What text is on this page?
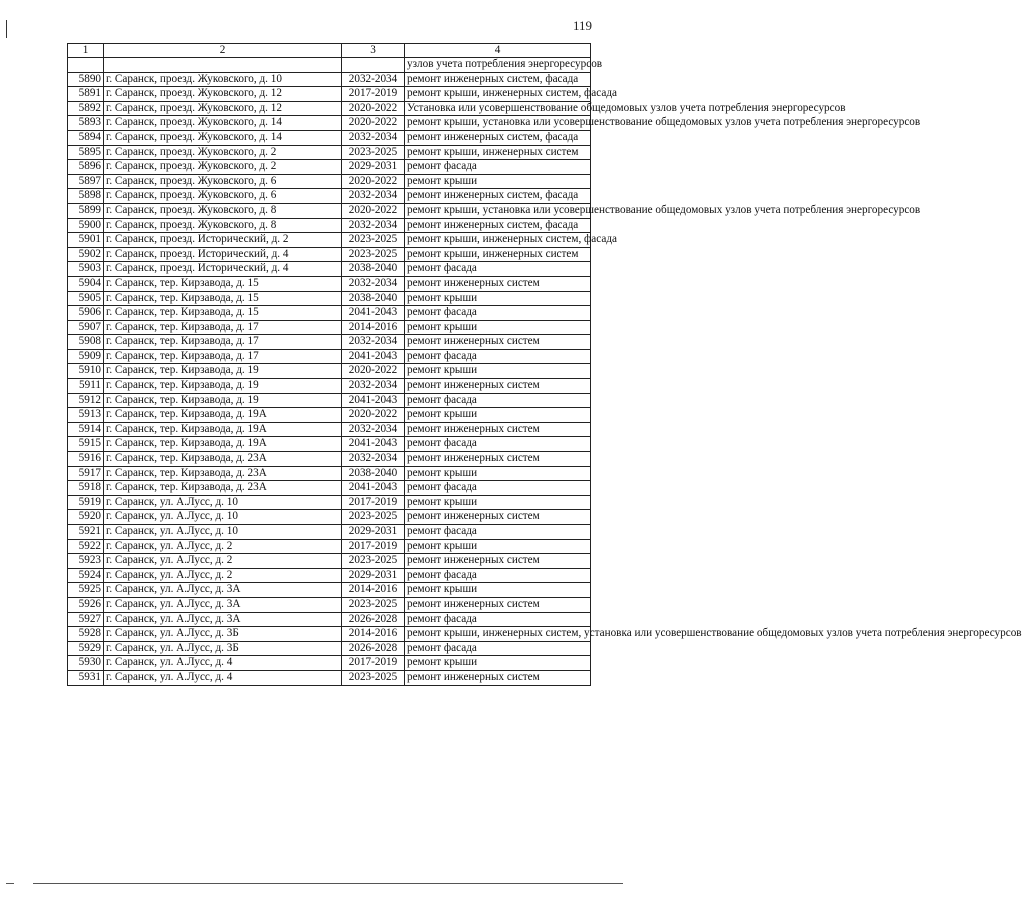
119
1	2	3	4
			узлов учета потребления энергоресурсов
5890	г. Саранск, проезд. Жуковского, д. 10	2032-2034	ремонт инженерных систем, фасада
5891	г. Саранск, проезд. Жуковского, д. 12	2017-2019	ремонт крыши, инженерных систем, фасада
5892	г. Саранск, проезд. Жуковского, д. 12	2020-2022	Установка или усовершенствование общедомовых узлов учета потребления энергоресурсов
5893	г. Саранск, проезд. Жуковского, д. 14	2020-2022	ремонт крыши, установка или усовершенствование общедомовых узлов учета потребления энергоресурсов
5894	г. Саранск, проезд. Жуковского, д. 14	2032-2034	ремонт инженерных систем, фасада
5895	г. Саранск, проезд. Жуковского, д. 2	2023-2025	ремонт крыши, инженерных систем
5896	г. Саранск, проезд. Жуковского, д. 2	2029-2031	ремонт фасада
5897	г. Саранск, проезд. Жуковского, д. 6	2020-2022	ремонт крыши
5898	г. Саранск, проезд. Жуковского, д. 6	2032-2034	ремонт инженерных систем, фасада
5899	г. Саранск, проезд. Жуковского, д. 8	2020-2022	ремонт крыши, установка или усовершенствование общедомовых узлов учета потребления энергоресурсов
5900	г. Саранск, проезд. Жуковского, д. 8	2032-2034	ремонт инженерных систем, фасада
5901	г. Саранск, проезд. Исторический, д. 2	2023-2025	ремонт крыши, инженерных систем, фасада
5902	г. Саранск, проезд. Исторический, д. 4	2023-2025	ремонт крыши, инженерных систем
5903	г. Саранск, проезд. Исторический, д. 4	2038-2040	ремонт фасада
5904	г. Саранск, тер. Кирзавода, д. 15	2032-2034	ремонт инженерных систем
5905	г. Саранск, тер. Кирзавода, д. 15	2038-2040	ремонт крыши
5906	г. Саранск, тер. Кирзавода, д. 15	2041-2043	ремонт фасада
5907	г. Саранск, тер. Кирзавода, д. 17	2014-2016	ремонт крыши
5908	г. Саранск, тер. Кирзавода, д. 17	2032-2034	ремонт инженерных систем
5909	г. Саранск, тер. Кирзавода, д. 17	2041-2043	ремонт фасада
5910	г. Саранск, тер. Кирзавода, д. 19	2020-2022	ремонт крыши
5911	г. Саранск, тер. Кирзавода, д. 19	2032-2034	ремонт инженерных систем
5912	г. Саранск, тер. Кирзавода, д. 19	2041-2043	ремонт фасада
5913	г. Саранск, тер. Кирзавода, д. 19А	2020-2022	ремонт крыши
5914	г. Саранск, тер. Кирзавода, д. 19А	2032-2034	ремонт инженерных систем
5915	г. Саранск, тер. Кирзавода, д. 19А	2041-2043	ремонт фасада
5916	г. Саранск, тер. Кирзавода, д. 23А	2032-2034	ремонт инженерных систем
5917	г. Саранск, тер. Кирзавода, д. 23А	2038-2040	ремонт крыши
5918	г. Саранск, тер. Кирзавода, д. 23А	2041-2043	ремонт фасада
5919	г. Саранск, ул. А.Лусс, д. 10	2017-2019	ремонт крыши
5920	г. Саранск, ул. А.Лусс, д. 10	2023-2025	ремонт инженерных систем
5921	г. Саранск, ул. А.Лусс, д. 10	2029-2031	ремонт фасада
5922	г. Саранск, ул. А.Лусс, д. 2	2017-2019	ремонт крыши
5923	г. Саранск, ул. А.Лусс, д. 2	2023-2025	ремонт инженерных систем
5924	г. Саранск, ул. А.Лусс, д. 2	2029-2031	ремонт фасада
5925	г. Саранск, ул. А.Лусс, д. 3А	2014-2016	ремонт крыши
5926	г. Саранск, ул. А.Лусс, д. 3А	2023-2025	ремонт инженерных систем
5927	г. Саранск, ул. А.Лусс, д. 3А	2026-2028	ремонт фасада
5928	г. Саранск, ул. А.Лусс, д. 3Б	2014-2016	ремонт крыши, инженерных систем, установка или усовершенствование общедомовых узлов учета потребления энергоресурсов
5929	г. Саранск, ул. А.Лусс, д. 3Б	2026-2028	ремонт фасада
5930	г. Саранск, ул. А.Лусс, д. 4	2017-2019	ремонт крыши
5931	г. Саранск, ул. А.Лусс, д. 4	2023-2025	ремонт инженерных систем
